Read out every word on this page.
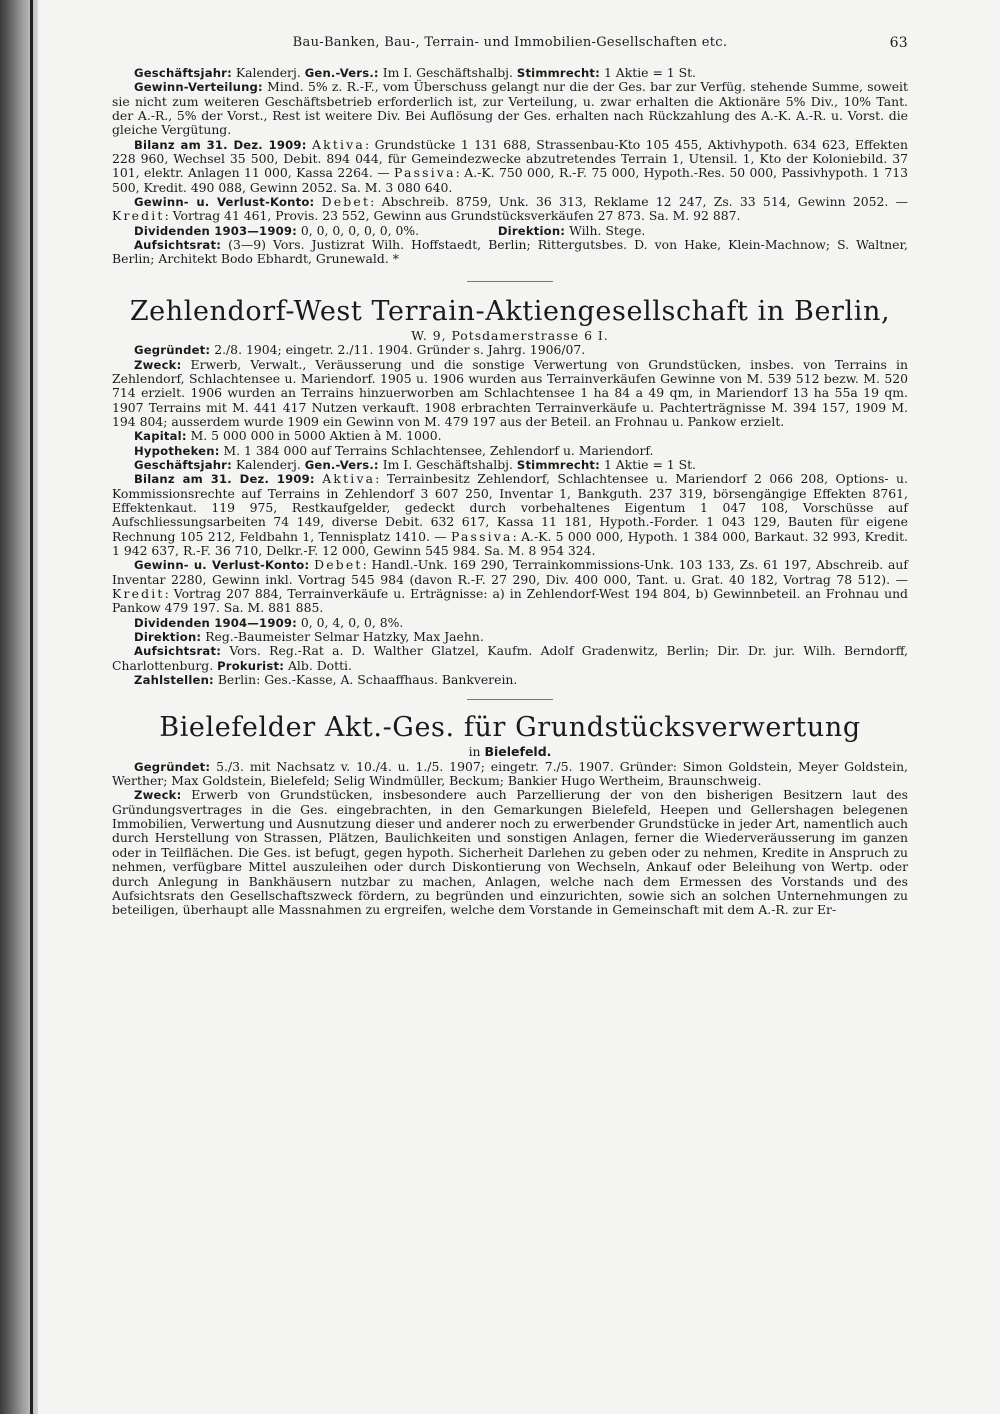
Bau-Banken, Bau-, Terrain- und Immobilien-Gesellschaften etc.	63

Geschäftsjahr: Kalenderj. Gen.-Vers.: Im I. Geschäftshalbj. Stimmrecht: 1 Aktie = 1 St.

Gewinn-Verteilung: Mind. 5% z. R.-F., vom Überschuss gelangt nur die der Ges. bar zur Verfüg. stehende Summe, soweit sie nicht zum weiteren Geschäftsbetrieb erforderlich ist, zur Verteilung, u. zwar erhalten die Aktionäre 5% Div., 10% Tant. der A.-R., 5% der Vorst., Rest ist weitere Div. Bei Auflösung der Ges. erhalten nach Rückzahlung des A.-K. A.-R. u. Vorst. die gleiche Vergütung.

Bilanz am 31. Dez. 1909: Aktiva: Grundstücke 1 131 688, Strassenbau-Kto 105 455, Aktivhypoth. 634 623, Effekten 228 960, Wechsel 35 500, Debit. 894 044, für Gemeindezwecke abzutretendes Terrain 1, Utensil. 1, Kto der Koloniebild. 37 101, elektr. Anlagen 11 000, Kassa 2264. — Passiva: A.-K. 750 000, R.-F. 75 000, Hypoth.-Res. 50 000, Passivhypoth. 1 713 500, Kredit. 490 088, Gewinn 2052. Sa. M. 3 080 640.

Gewinn- u. Verlust-Konto: Debet: Abschreib. 8759, Unk. 36 313, Reklame 12 247, Zs. 33 514, Gewinn 2052. — Kredit: Vortrag 41 461, Provis. 23 552, Gewinn aus Grundstücksverkäufen 27 873. Sa. M. 92 887.

Dividenden 1903—1909: 0, 0, 0, 0, 0, 0, 0%.	Direktion: Wilh. Stege.

Aufsichtsrat: (3—9) Vors. Justizrat Wilh. Hoffstaedt, Berlin; Rittergutsbes. D. von Hake, Klein-Machnow; S. Waltner, Berlin; Architekt Bodo Ebhardt, Grunewald. *

Zehlendorf-West Terrain-Aktiengesellschaft in Berlin,

W. 9, Potsdamerstrasse 6 I.

Gegründet: 2./8. 1904; eingetr. 2./11. 1904. Gründer s. Jahrg. 1906/07.

Zweck: Erwerb, Verwalt., Veräusserung und die sonstige Verwertung von Grundstücken, insbes. von Terrains in Zehlendorf, Schlachtensee u. Mariendorf. 1905 u. 1906 wurden aus Terrainverkäufen Gewinne von M. 539 512 bezw. M. 520 714 erzielt. 1906 wurden an Terrains hinzuerworben am Schlachtensee 1 ha 84 a 49 qm, in Mariendorf 13 ha 55a 19 qm. 1907 Terrains mit M. 441 417 Nutzen verkauft. 1908 erbrachten Terrainverkäufe u. Pachterträgnisse M. 394 157, 1909 M. 194 804; ausserdem wurde 1909 ein Gewinn von M. 479 197 aus der Beteil. an Frohnau u. Pankow erzielt.

Kapital: M. 5 000 000 in 5000 Aktien à M. 1000.

Hypotheken: M. 1 384 000 auf Terrains Schlachtensee, Zehlendorf u. Mariendorf.

Geschäftsjahr: Kalenderj. Gen.-Vers.: Im I. Geschäftshalbj. Stimmrecht: 1 Aktie = 1 St.

Bilanz am 31. Dez. 1909: Aktiva: Terrainbesitz Zehlendorf, Schlachtensee u. Mariendorf 2 066 208, Options- u. Kommissionsrechte auf Terrains in Zehlendorf 3 607 250, Inventar 1, Bankguth. 237 319, börsengängige Effekten 8761, Effektenkaut. 119 975, Restkaufgelder, gedeckt durch vorbehaltenes Eigentum 1 047 108, Vorschüsse auf Aufschliessungsarbeiten 74 149, diverse Debit. 632 617, Kassa 11 181, Hypoth.-Forder. 1 043 129, Bauten für eigene Rechnung 105 212, Feldbahn 1, Tennisplatz 1410. — Passiva: A.-K. 5 000 000, Hypoth. 1 384 000, Barkaut. 32 993, Kredit. 1 942 637, R.-F. 36 710, Delkr.-F. 12 000, Gewinn 545 984. Sa. M. 8 954 324.

Gewinn- u. Verlust-Konto: Debet: Handl.-Unk. 169 290, Terrainkommissions-Unk. 103 133, Zs. 61 197, Abschreib. auf Inventar 2280, Gewinn inkl. Vortrag 545 984 (davon R.-F. 27 290, Div. 400 000, Tant. u. Grat. 40 182, Vortrag 78 512). — Kredit: Vortrag 207 884, Terrainverkäufe u. Erträgnisse: a) in Zehlendorf-West 194 804, b) Gewinnbeteil. an Frohnau und Pankow 479 197. Sa. M. 881 885.

Dividenden 1904—1909: 0, 0, 4, 0, 0, 8%.

Direktion: Reg.-Baumeister Selmar Hatzky, Max Jaehn.

Aufsichtsrat: Vors. Reg.-Rat a. D. Walther Glatzel, Kaufm. Adolf Gradenwitz, Berlin; Dir. Dr. jur. Wilh. Berndorff, Charlottenburg. Prokurist: Alb. Dotti.

Zahlstellen: Berlin: Ges.-Kasse, A. Schaaffhaus. Bankverein.

Bielefelder Akt.-Ges. für Grundstücksverwertung

in Bielefeld.

Gegründet: 5./3. mit Nachsatz v. 10./4. u. 1./5. 1907; eingetr. 7./5. 1907. Gründer: Simon Goldstein, Meyer Goldstein, Werther; Max Goldstein, Bielefeld; Selig Windmüller, Beckum; Bankier Hugo Wertheim, Braunschweig.

Zweck: Erwerb von Grundstücken, insbesondere auch Parzellierung der von den bisherigen Besitzern laut des Gründungsvertrages in die Ges. eingebrachten, in den Gemarkungen Bielefeld, Heepen und Gellershagen belegenen Immobilien, Verwertung und Ausnutzung dieser und anderer noch zu erwerbender Grundstücke in jeder Art, namentlich auch durch Herstellung von Strassen, Plätzen, Baulichkeiten und sonstigen Anlagen, ferner die Wiederveräusserung im ganzen oder in Teilflächen. Die Ges. ist befugt, gegen hypoth. Sicherheit Darlehen zu geben oder zu nehmen, Kredite in Anspruch zu nehmen, verfügbare Mittel auszuleihen oder durch Diskontierung von Wechseln, Ankauf oder Beleihung von Wertp. oder durch Anlegung in Bankhäusern nutzbar zu machen, Anlagen, welche nach dem Ermessen des Vorstands und des Aufsichtsrats den Gesellschaftszweck fördern, zu begründen und einzurichten, sowie sich an solchen Unternehmungen zu beteiligen, überhaupt alle Massnahmen zu ergreifen, welche dem Vorstande in Gemeinschaft mit dem A.-R. zur Er-
